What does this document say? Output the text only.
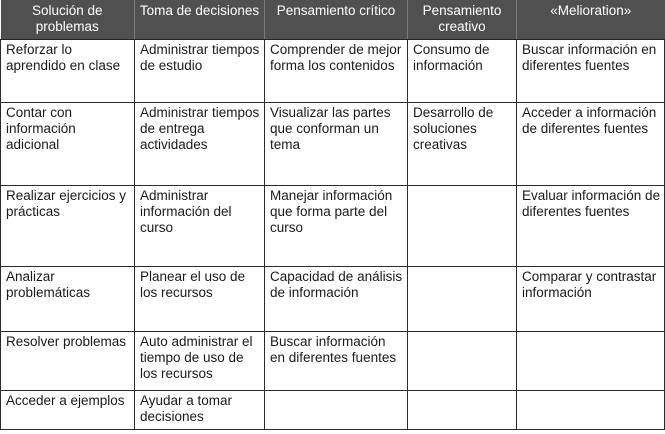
Solución de problemas	Toma de decisiones	Pensamiento crítico	Pensamiento creativo	«Melioration»
Reforzar lo aprendido en clase	Administrar tiempos de estudio	Comprender de mejor forma los contenidos	Consumo de información	Buscar información en diferentes fuentes
Contar con información adicional	Administrar tiempos de entrega actividades	Visualizar las partes que conforman un tema	Desarrollo de soluciones creativas	Acceder a información de diferentes fuentes
Realizar ejercicios y prácticas	Administrar información del curso	Manejar información que forma parte del curso		Evaluar información de diferentes fuentes
Analizar problemáticas	Planear el uso de los recursos	Capacidad de análisis de información		Comparar y contrastar información
Resolver problemas	Auto administrar el tiempo de uso de los recursos	Buscar información en diferentes fuentes		
Acceder a ejemplos	Ayudar a tomar decisiones			
